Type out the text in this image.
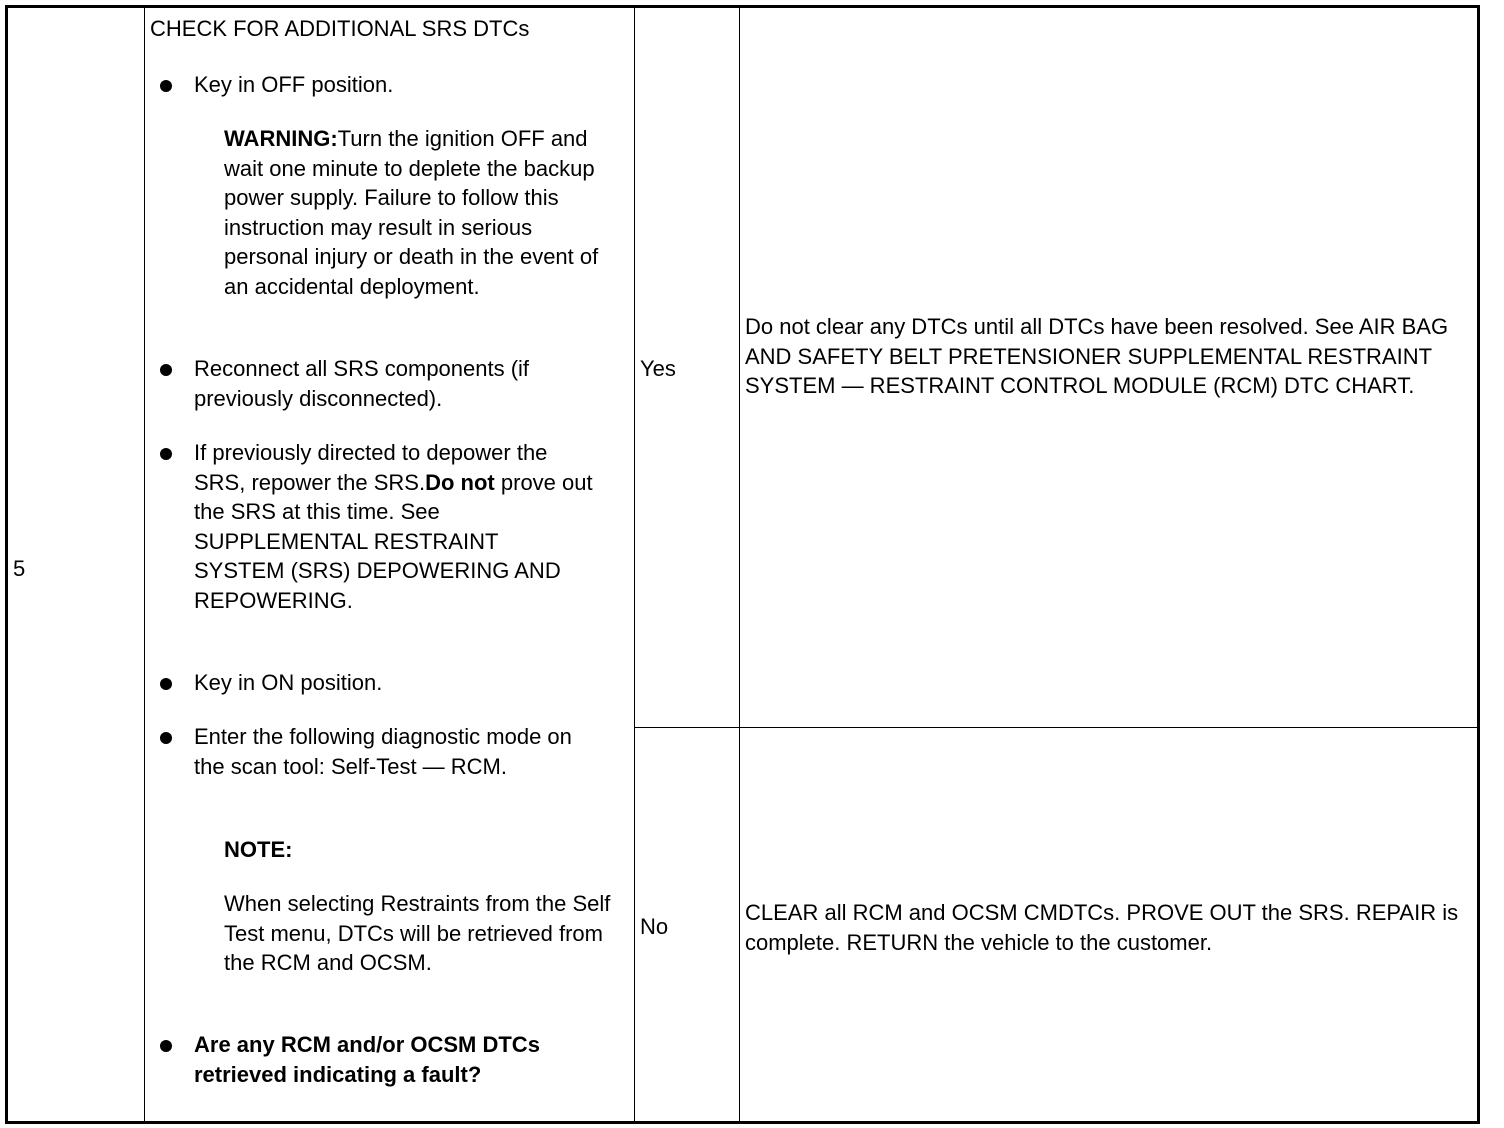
5
CHECK FOR ADDITIONAL SRS DTCs
Key in OFF position.
WARNING:Turn the ignition OFF and wait one minute to deplete the backup power supply. Failure to follow this instruction may result in serious personal injury or death in the event of an accidental deployment.
Reconnect all SRS components (if previously disconnected).
If previously directed to depower the SRS, repower the SRS.Do not prove out the SRS at this time. See SUPPLEMENTAL RESTRAINT SYSTEM (SRS) DEPOWERING AND REPOWERING.
Key in ON position.
Enter the following diagnostic mode on the scan tool: Self-Test — RCM.
NOTE:
When selecting Restraints from the Self Test menu, DTCs will be retrieved from the RCM and OCSM.
Are any RCM and/or OCSM DTCs retrieved indicating a fault?
Yes
Do not clear any DTCs until all DTCs have been resolved. See AIR BAG AND SAFETY BELT PRETENSIONER SUPPLEMENTAL RESTRAINT SYSTEM — RESTRAINT CONTROL MODULE (RCM) DTC CHART.
No
CLEAR all RCM and OCSM CMDTCs. PROVE OUT the SRS. REPAIR is complete. RETURN the vehicle to the customer.
